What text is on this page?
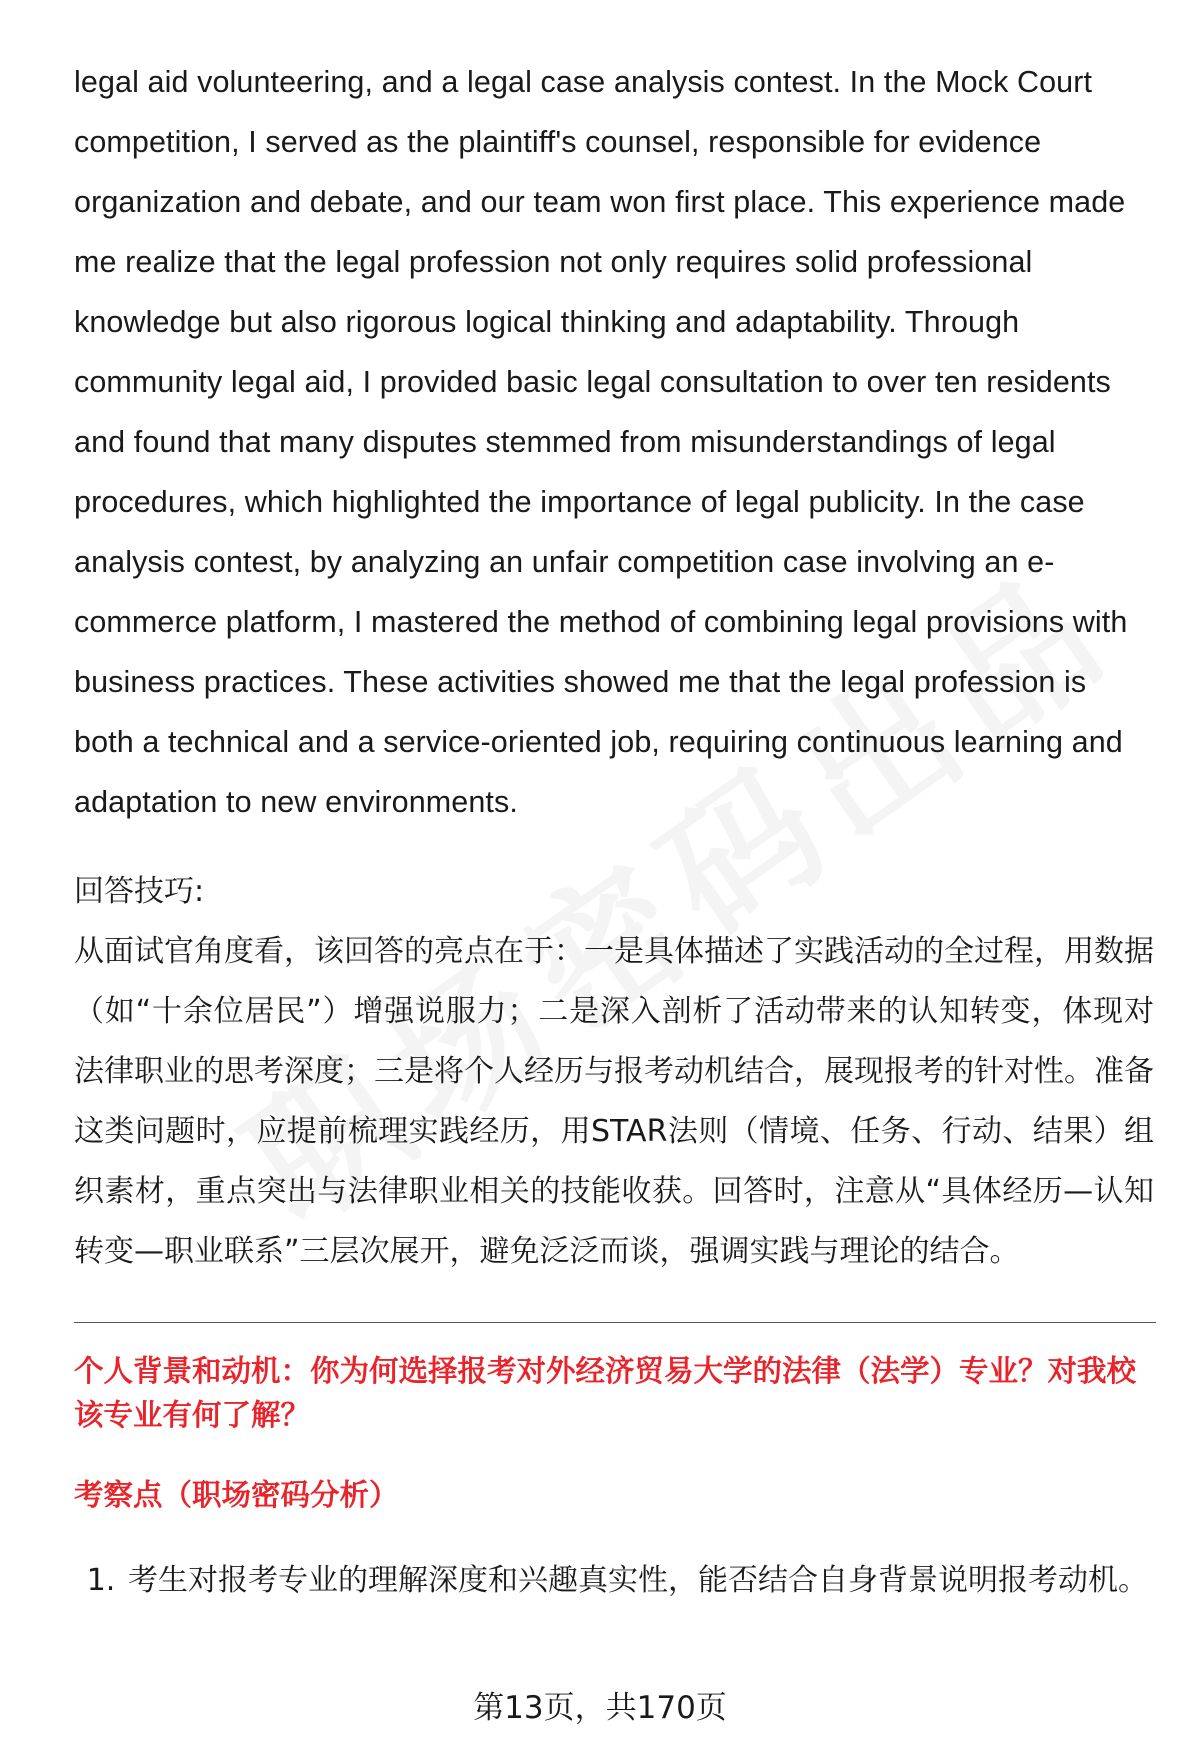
legal aid volunteering, and a legal case analysis contest. In the Mock Court competition, I served as the plaintiff's counsel, responsible for evidence organization and debate, and our team won first place. This experience made me realize that the legal profession not only requires solid professional knowledge but also rigorous logical thinking and adaptability. Through community legal aid, I provided basic legal consultation to over ten residents and found that many disputes stemmed from misunderstandings of legal procedures, which highlighted the importance of legal publicity. In the case analysis contest, by analyzing an unfair competition case involving an e-commerce platform, I mastered the method of combining legal provisions with business practices. These activities showed me that the legal profession is both a technical and a service-oriented job, requiring continuous learning and adaptation to new environments.

回答技巧:

从面试官角度看，该回答的亮点在于：一是具体描述了实践活动的全过程，用数据（如“十余位居民”）增强说服力；二是深入剖析了活动带来的认知转变，体现对法律职业的思考深度；三是将个人经历与报考动机结合，展现报考的针对性。准备这类问题时，应提前梳理实践经历，用STAR法则（情境、任务、行动、结果）组织素材，重点突出与法律职业相关的技能收获。回答时，注意从“具体经历—认知转变—职业联系”三层次展开，避免泛泛而谈，强调实践与理论的结合。

个人背景和动机：你为何选择报考对外经济贸易大学的法律（法学）专业？对我校该专业有何了解？

考察点（职场密码分析）

1. 考生对报考专业的理解深度和兴趣真实性，能否结合自身背景说明报考动机。
第13页，共170页
